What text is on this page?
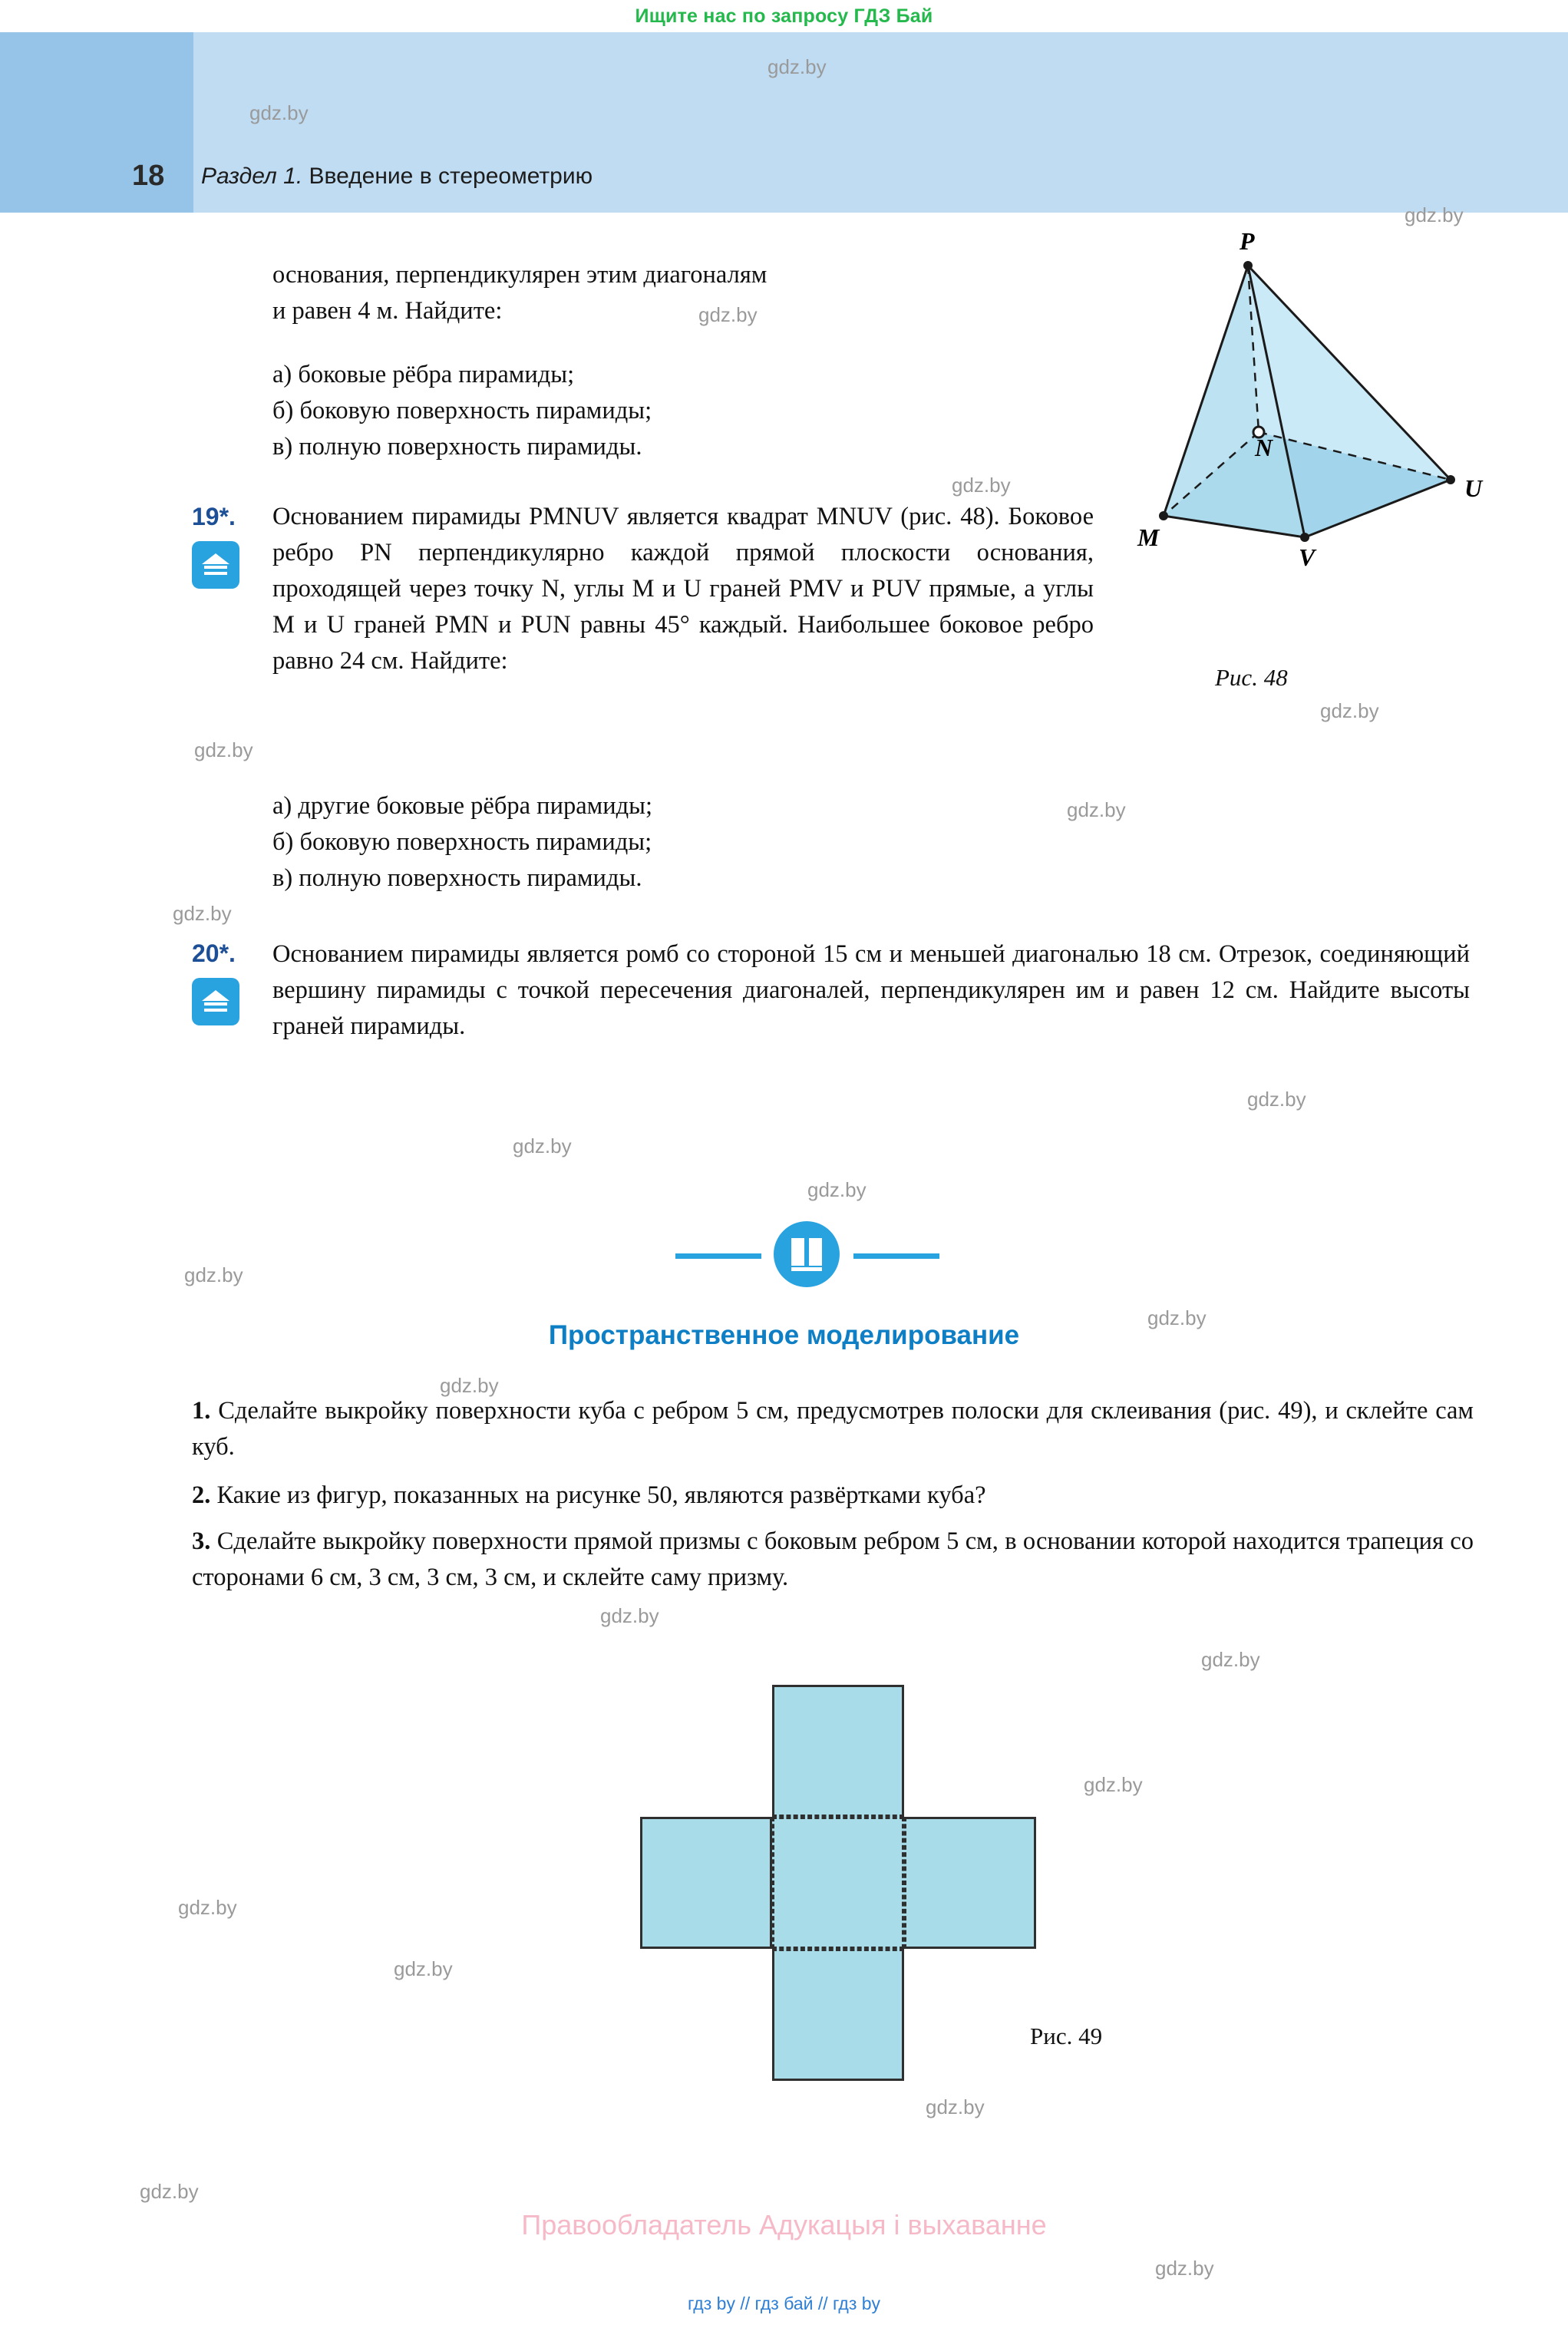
Ищите нас по запросу ГДЗ Бай
18 Раздел 1. Введение в стереометрию
основания, перпендикулярен этим диагоналям
и равен 4 м. Найдите:
а) боковые рёбра пирамиды;
б) боковую поверхность пирамиды;
в) полную поверхность пирамиды.
19*. Основанием пирамиды PMNUV является квадрат MNUV (рис. 48). Боковое ребро PN перпендикулярно каждой прямой плоскости основания, проходящей через точку N, углы M и U граней PMV и PUV прямые, а углы M и U граней PMN и PUN равны 45° каждый. Наибольшее боковое ребро равно 24 см. Найдите:
а) другие боковые рёбра пирамиды;
б) боковую поверхность пирамиды;
в) полную поверхность пирамиды.
20*. Основанием пирамиды является ромб со стороной 15 см и меньшей диагональю 18 см. Отрезок, соединяющий вершину пирамиды с точкой пересечения диагоналей, перпендикулярен им и равен 12 см. Найдите высоты граней пирамиды.
P
M
N
U
V
Рис. 48
Пространственное моделирование
1. Сделайте выкройку поверхности куба с ребром 5 см, предусмотрев полоски для склеивания (рис. 49), и склейте сам куб.
2. Какие из фигур, показанных на рисунке 50, являются развёртками куба?
3. Сделайте выкройку поверхности прямой призмы с боковым ребром 5 см, в основании которой находится трапеция со сторонами 6 см, 3 см, 3 см, 3 см, и склейте саму призму.
Рис. 49
Правообладатель Адукацыя і выхаванне
гдз by // гдз бай // гдз by
gdz.by
gdz.by
gdz.by
gdz.by
gdz.by
gdz.by
gdz.by
gdz.by
gdz.by
gdz.by
gdz.by
gdz.by
gdz.by
gdz.by
gdz.by
gdz.by
gdz.by
gdz.by
gdz.by
gdz.by
gdz.by
gdz.by
gdz.by
